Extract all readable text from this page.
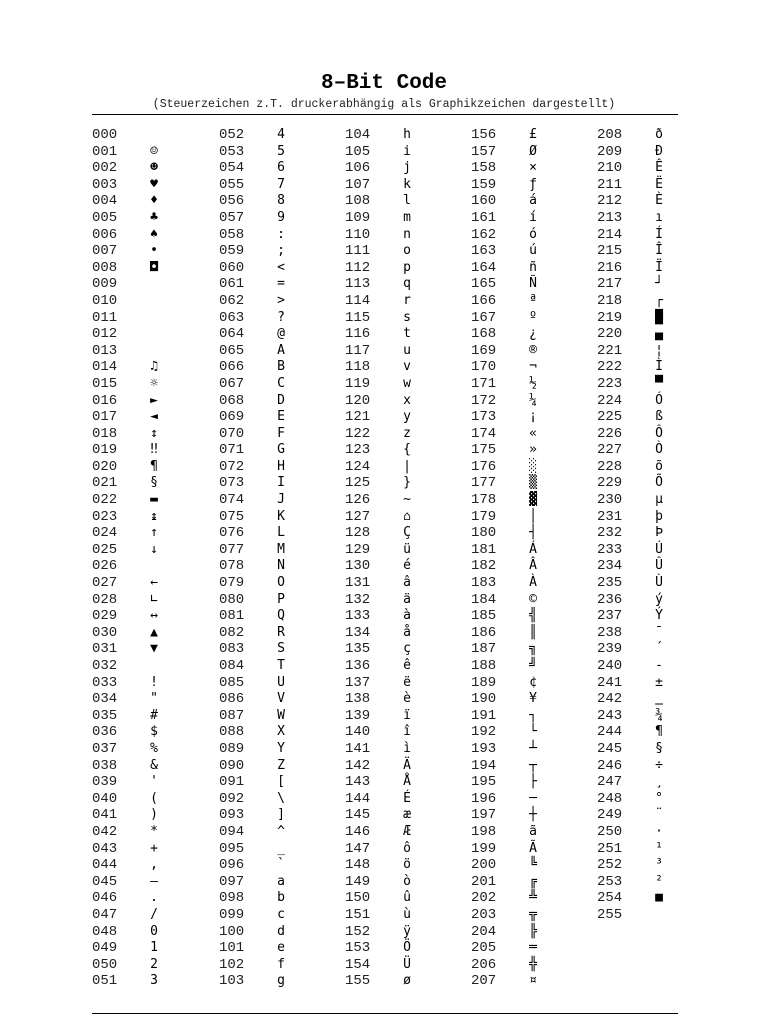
8–Bit Code
(Steuerzeichen z.T. druckerabhängig als Graphikzeichen dargestellt)
000
001	☺
002	☻
003	♥
004	♦
005	♣
006	♠
007	•
008	◘
009
010
011
012
013
014	♫
015	☼
016	►
017	◄
018	↕
019	‼
020	¶
021	§
022	▬
023	↨
024	↑
025	↓
026
027	←
028	∟
029	↔
030	▲
031	▼
032
033	!
034	"
035	#
036	$
037	%
038	&
039	'
040	(
041	)
042	*
043	+
044	,
045	–
046	.
047	/
048	0
049	1
050	2
051	3
052	4
053	5
054	6
055	7
056	8
057	9
058	:
059	;
060	<
061	=
062	>
063	?
064	@
065	A
066	B
067	C
068	D
069	E
070	F
071	G
072	H
073	I
074	J
075	K
076	L
077	M
078	N
079	O
080	P
081	Q
082	R
083	S
084	T
085	U
086	V
087	W
088	X
089	Y
090	Z
091	[
092	\
093	]
094	^
095	_
096	`
097	a
098	b
099	c
100	d
101	e
102	f
103	g
104	h
105	i
106	j
107	k
108	l
109	m
110	n
111	o
112	p
113	q
114	r
115	s
116	t
117	u
118	v
119	w
120	x
121	y
122	z
123	{
124	|
125	}
126	~
127	⌂
128	Ç
129	ü
130	é
131	â
132	ä
133	à
134	å
135	ç
136	ê
137	ë
138	è
139	ï
140	î
141	ì
142	Ä
143	Å
144	É
145	æ
146	Æ
147	ô
148	ö
149	ò
150	û
151	ù
152	ÿ
153	Ö
154	Ü
155	ø
156	£
157	Ø
158	×
159	ƒ
160	á
161	í
162	ó
163	ú
164	ñ
165	Ñ
166	ª
167	º
168	¿
169	®
170	¬
171	½
172	¼
173	¡
174	«
175	»
176	░
177	▒
178	▓
179	│
180	┤
181	Á
182	Â
183	À
184	©
185	╣
186	║
187	╗
188	╝
189	¢
190	¥
191	┐
192	└
193	┴
194	┬
195	├
196	─
197	┼
198	ã
199	Ã
200	╚
201	╔
202	╩
203	╦
204	╠
205	═
206	╬
207	¤
208	ð
209	Ð
210	Ê
211	Ë
212	È
213	ı
214	Í
215	Î
216	Ï
217	┘
218	┌
219	█
220	▄
221	¦
222	Ì
223	▀
224	Ó
225	ß
226	Ô
227	Ò
228	õ
229	Õ
230	µ
231	þ
232	Þ
233	Ú
234	Û
235	Ù
236	ý
237	Ý
238	¯
239	´
240	-
241	±
242	‗
243	¾
244	¶
245	§
246	÷
247	¸
248	°
249	¨
250	·
251	¹
252	³
253	²
254	■
255
